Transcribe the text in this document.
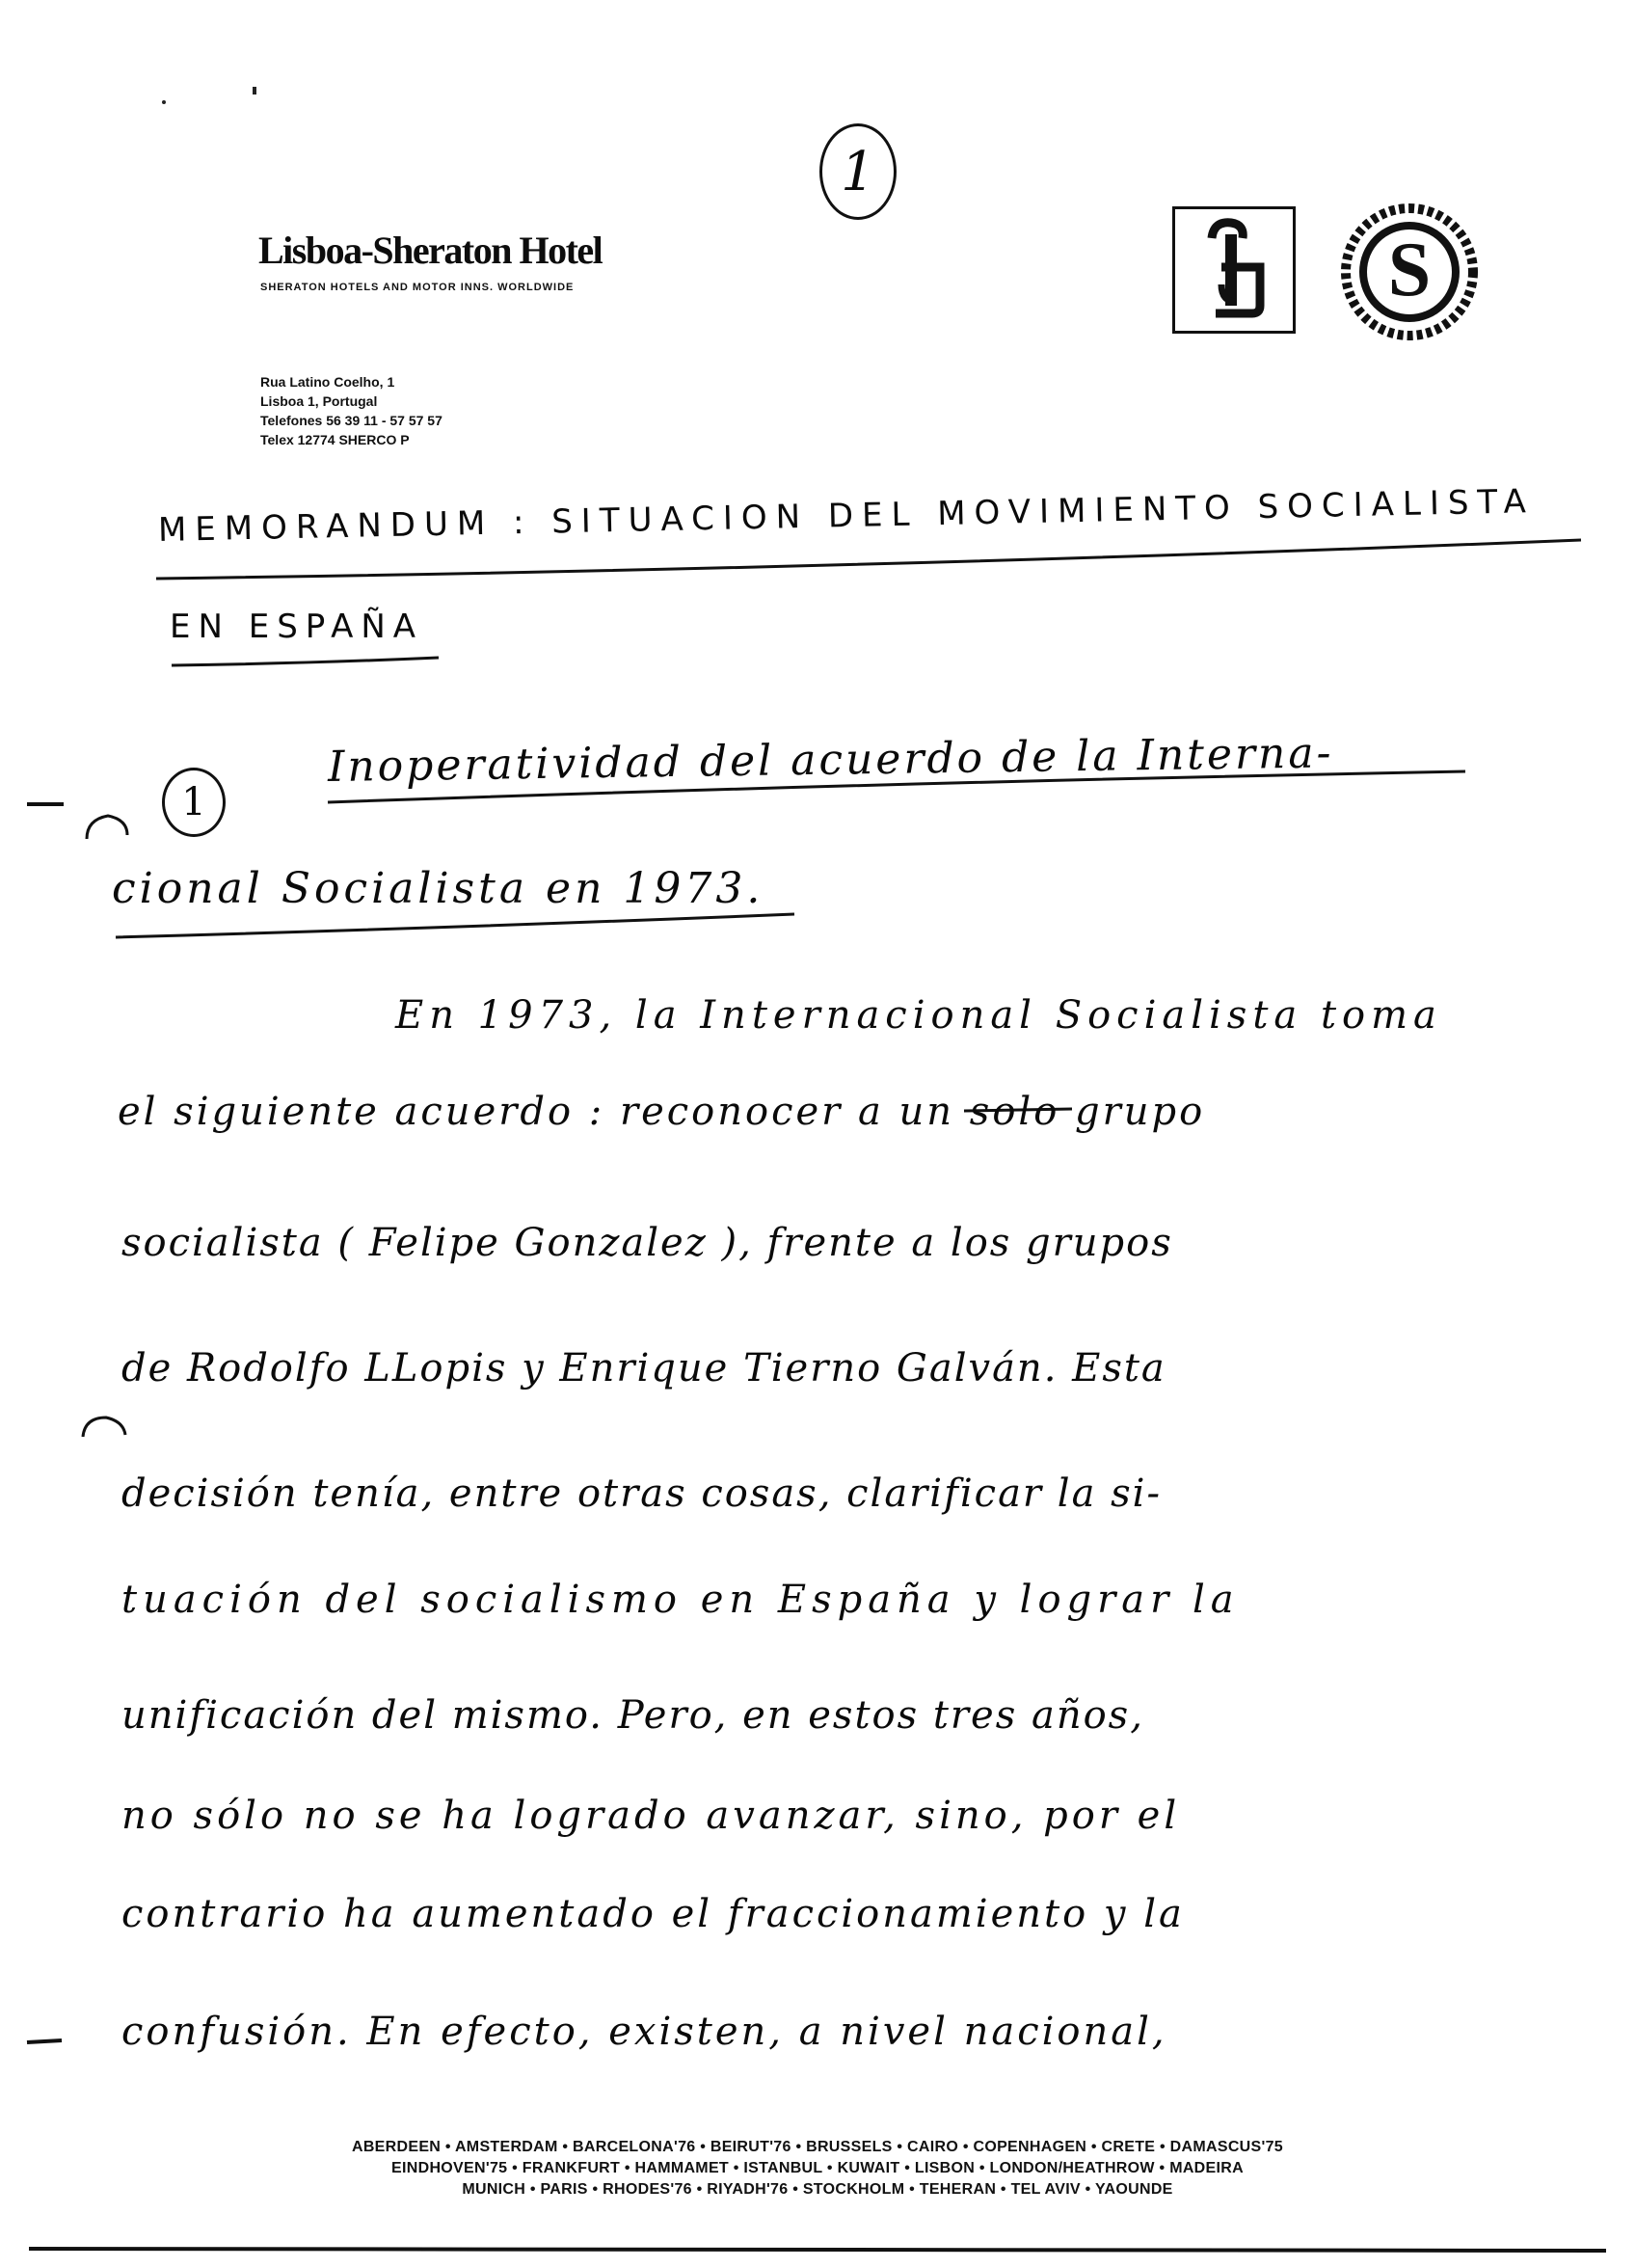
1
Lisboa-Sheraton Hotel
SHERATON HOTELS AND MOTOR INNS. WORLDWIDE
Rua Latino Coelho, 1
Lisboa 1, Portugal
Telefones 56 39 11 - 57 57 57
Telex 12774 SHERCO P
S
MEMORANDUM : SITUACION DEL MOVIMIENTO SOCIALISTA
EN ESPAÑA
1
Inoperatividad del acuerdo de la Interna-
cional Socialista en 1973.
En 1973, la Internacional Socialista toma
el siguiente acuerdo : reconocer a un solo grupo
socialista ( Felipe Gonzalez ), frente a los grupos
de Rodolfo LLopis y Enrique Tierno Galván. Esta
decisión tenía, entre otras cosas, clarificar la si-
tuación del socialismo en España y lograr la
unificación del mismo. Pero, en estos tres años,
no sólo no se ha logrado avanzar, sino, por el
contrario ha aumentado el fraccionamiento y la
confusión. En efecto, existen, a nivel nacional,
ABERDEEN • AMSTERDAM • BARCELONA'76 • BEIRUT'76 • BRUSSELS • CAIRO • COPENHAGEN • CRETE • DAMASCUS'75
EINDHOVEN'75 • FRANKFURT • HAMMAMET • ISTANBUL • KUWAIT • LISBON • LONDON/HEATHROW • MADEIRA
MUNICH • PARIS • RHODES'76 • RIYADH'76 • STOCKHOLM • TEHERAN • TEL AVIV • YAOUNDE
